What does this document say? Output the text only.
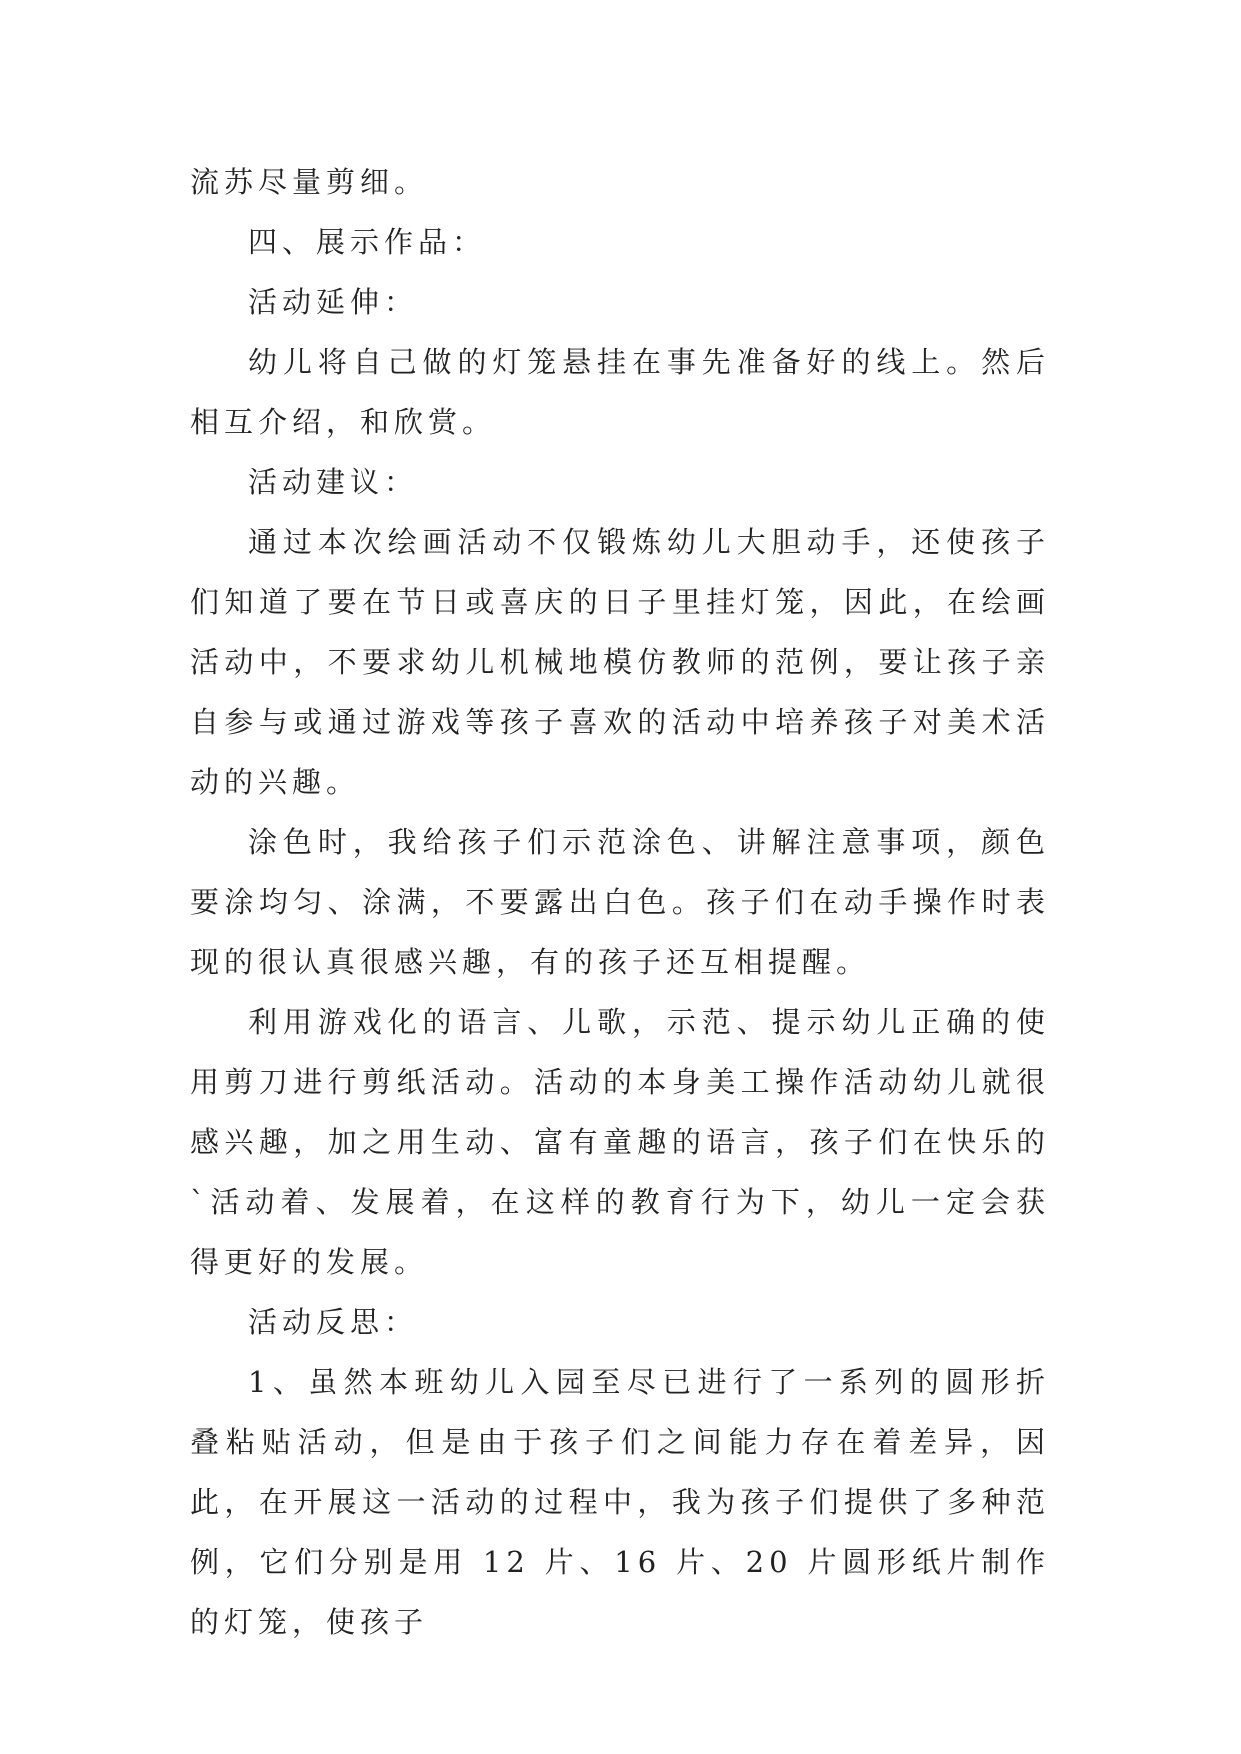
流苏尽量剪细。

四、展示作品：

活动延伸：

幼儿将自己做的灯笼悬挂在事先准备好的线上。然后相互介绍，和欣赏。

活动建议：

通过本次绘画活动不仅锻炼幼儿大胆动手，还使孩子们知道了要在节日或喜庆的日子里挂灯笼，因此，在绘画活动中，不要求幼儿机械地模仿教师的范例，要让孩子亲自参与或通过游戏等孩子喜欢的活动中培养孩子对美术活动的兴趣。

涂色时，我给孩子们示范涂色、讲解注意事项，颜色要涂均匀、涂满，不要露出白色。孩子们在动手操作时表现的很认真很感兴趣，有的孩子还互相提醒。

利用游戏化的语言、儿歌，示范、提示幼儿正确的使用剪刀进行剪纸活动。活动的本身美工操作活动幼儿就很感兴趣，加之用生动、富有童趣的语言，孩子们在快乐的`活动着、发展着，在这样的教育行为下，幼儿一定会获得更好的发展。

活动反思：

1、虽然本班幼儿入园至尽已进行了一系列的圆形折叠粘贴活动，但是由于孩子们之间能力存在着差异，因此，在开展这一活动的过程中，我为孩子们提供了多种范例，它们分别是用 12 片、16 片、20 片圆形纸片制作的灯笼，使孩子
